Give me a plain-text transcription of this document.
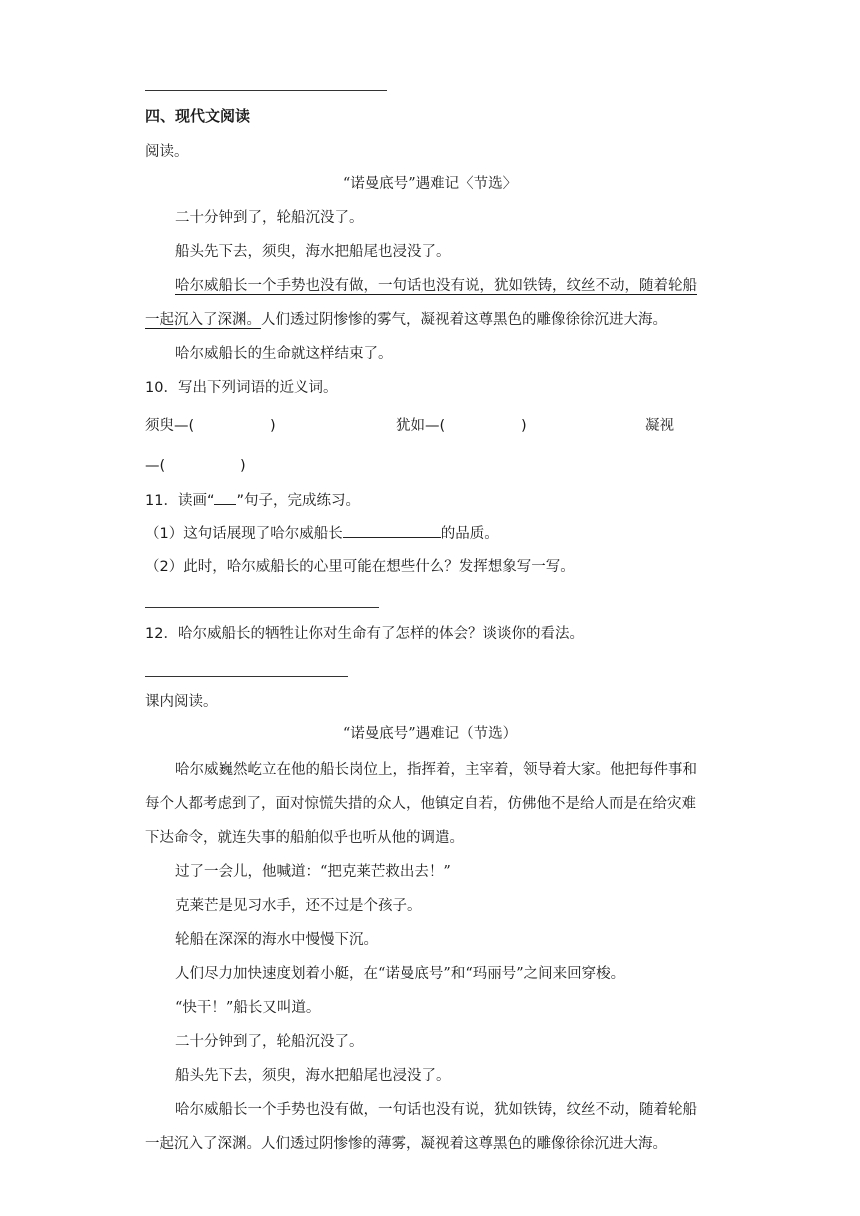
四、现代文阅读
阅读。
“诺曼底号”遇难记〈节选〉
二十分钟到了，轮船沉没了。
船头先下去，须臾，海水把船尾也浸没了。
哈尔威船长一个手势也没有做，一句话也没有说，犹如铁铸，纹丝不动，随着轮船
一起沉入了深渊。人们透过阴惨惨的雾气，凝视着这尊黑色的雕像徐徐沉进大海。
哈尔威船长的生命就这样结束了。
10．写出下列词语的近义词。
须臾—(	)	犹如—(	)	凝视
—(	)
11．读画“ ”句子，完成练习。
（1）这句话展现了哈尔威船长	的品质。
（2）此时，哈尔威船长的心里可能在想些什么？发挥想象写一写。
12．哈尔威船长的牺牲让你对生命有了怎样的体会？谈谈你的看法。
课内阅读。
“诺曼底号”遇难记（节选）
哈尔威巍然屹立在他的船长岗位上，指挥着，主宰着，领导着大家。他把每件事和
每个人都考虑到了，面对惊慌失措的众人，他镇定自若，仿佛他不是给人而是在给灾难
下达命令，就连失事的船舶似乎也听从他的调遣。
过了一会儿，他喊道：“把克莱芒救出去！”
克莱芒是见习水手，还不过是个孩子。
轮船在深深的海水中慢慢下沉。
人们尽力加快速度划着小艇，在“诺曼底号”和“玛丽号”之间来回穿梭。
“快干！”船长又叫道。
二十分钟到了，轮船沉没了。
船头先下去，须臾，海水把船尾也浸没了。
哈尔威船长一个手势也没有做，一句话也没有说，犹如铁铸，纹丝不动，随着轮船
一起沉入了深渊。人们透过阴惨惨的薄雾，凝视着这尊黑色的雕像徐徐沉进大海。
